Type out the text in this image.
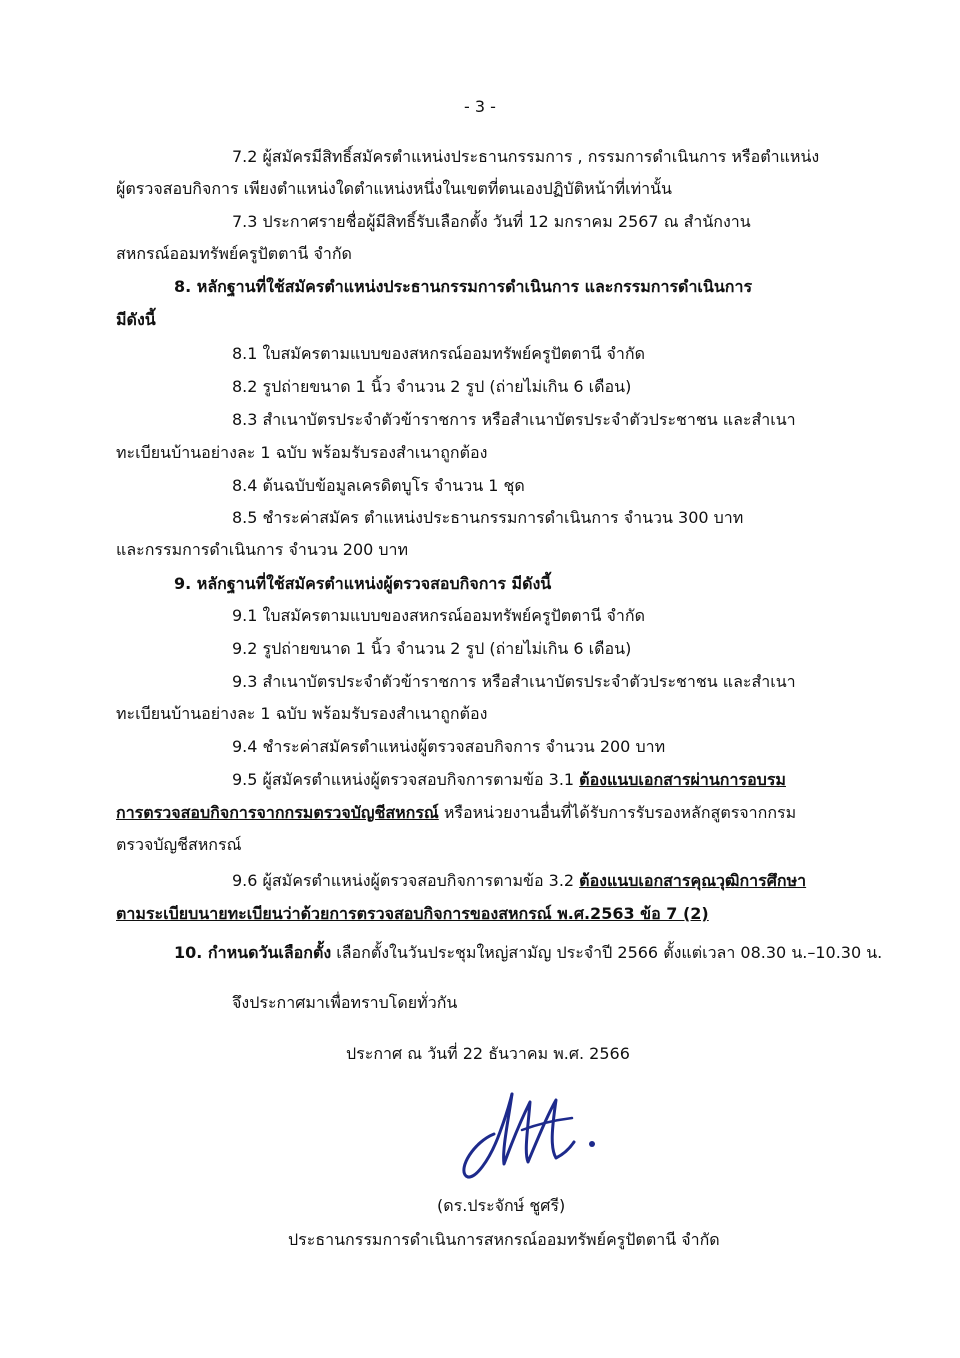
- 3 -
7.2 ผู้สมัครมีสิทธิ์สมัครตำแหน่งประธานกรรมการ , กรรมการดำเนินการ หรือตำแหน่ง
ผู้ตรวจสอบกิจการ เพียงตำแหน่งใดตำแหน่งหนึ่งในเขตที่ตนเองปฏิบัติหน้าที่เท่านั้น
7.3 ประกาศรายชื่อผู้มีสิทธิ์รับเลือกตั้ง วันที่ 12 มกราคม 2567 ณ สำนักงาน
สหกรณ์ออมทรัพย์ครูปัตตานี จำกัด
8. หลักฐานที่ใช้สมัครตำแหน่งประธานกรรมการดำเนินการ และกรรมการดำเนินการ
มีดังนี้
8.1 ใบสมัครตามแบบของสหกรณ์ออมทรัพย์ครูปัตตานี จำกัด
8.2 รูปถ่ายขนาด 1 นิ้ว จำนวน 2 รูป (ถ่ายไม่เกิน 6 เดือน)
8.3 สำเนาบัตรประจำตัวข้าราชการ หรือสำเนาบัตรประจำตัวประชาชน และสำเนา
ทะเบียนบ้านอย่างละ 1 ฉบับ พร้อมรับรองสำเนาถูกต้อง
8.4 ต้นฉบับข้อมูลเครดิตบูโร จำนวน 1 ชุด
8.5 ชำระค่าสมัคร ตำแหน่งประธานกรรมการดำเนินการ จำนวน 300 บาท
และกรรมการดำเนินการ จำนวน 200 บาท
9. หลักฐานที่ใช้สมัครตำแหน่งผู้ตรวจสอบกิจการ มีดังนี้
9.1 ใบสมัครตามแบบของสหกรณ์ออมทรัพย์ครูปัตตานี จำกัด
9.2 รูปถ่ายขนาด 1 นิ้ว จำนวน 2 รูป (ถ่ายไม่เกิน 6 เดือน)
9.3 สำเนาบัตรประจำตัวข้าราชการ หรือสำเนาบัตรประจำตัวประชาชน และสำเนา
ทะเบียนบ้านอย่างละ 1 ฉบับ พร้อมรับรองสำเนาถูกต้อง
9.4 ชำระค่าสมัครตำแหน่งผู้ตรวจสอบกิจการ จำนวน 200 บาท
9.5 ผู้สมัครตำแหน่งผู้ตรวจสอบกิจการตามข้อ 3.1 ต้องแนบเอกสารผ่านการอบรม
การตรวจสอบกิจการจากกรมตรวจบัญชีสหกรณ์ หรือหน่วยงานอื่นที่ได้รับการรับรองหลักสูตรจากกรม
ตรวจบัญชีสหกรณ์
9.6 ผู้สมัครตำแหน่งผู้ตรวจสอบกิจการตามข้อ 3.2 ต้องแนบเอกสารคุณวุฒิการศึกษา
ตามระเบียบนายทะเบียนว่าด้วยการตรวจสอบกิจการของสหกรณ์ พ.ศ.2563 ข้อ 7 (2)
10. กำหนดวันเลือกตั้ง เลือกตั้งในวันประชุมใหญ่สามัญ ประจำปี 2566 ตั้งแต่เวลา 08.30 น.–10.30 น.
จึงประกาศมาเพื่อทราบโดยทั่วกัน
ประกาศ ณ วันที่ 22 ธันวาคม พ.ศ. 2566
(ดร.ประจักษ์ ชูศรี)
ประธานกรรมการดำเนินการสหกรณ์ออมทรัพย์ครูปัตตานี จำกัด
